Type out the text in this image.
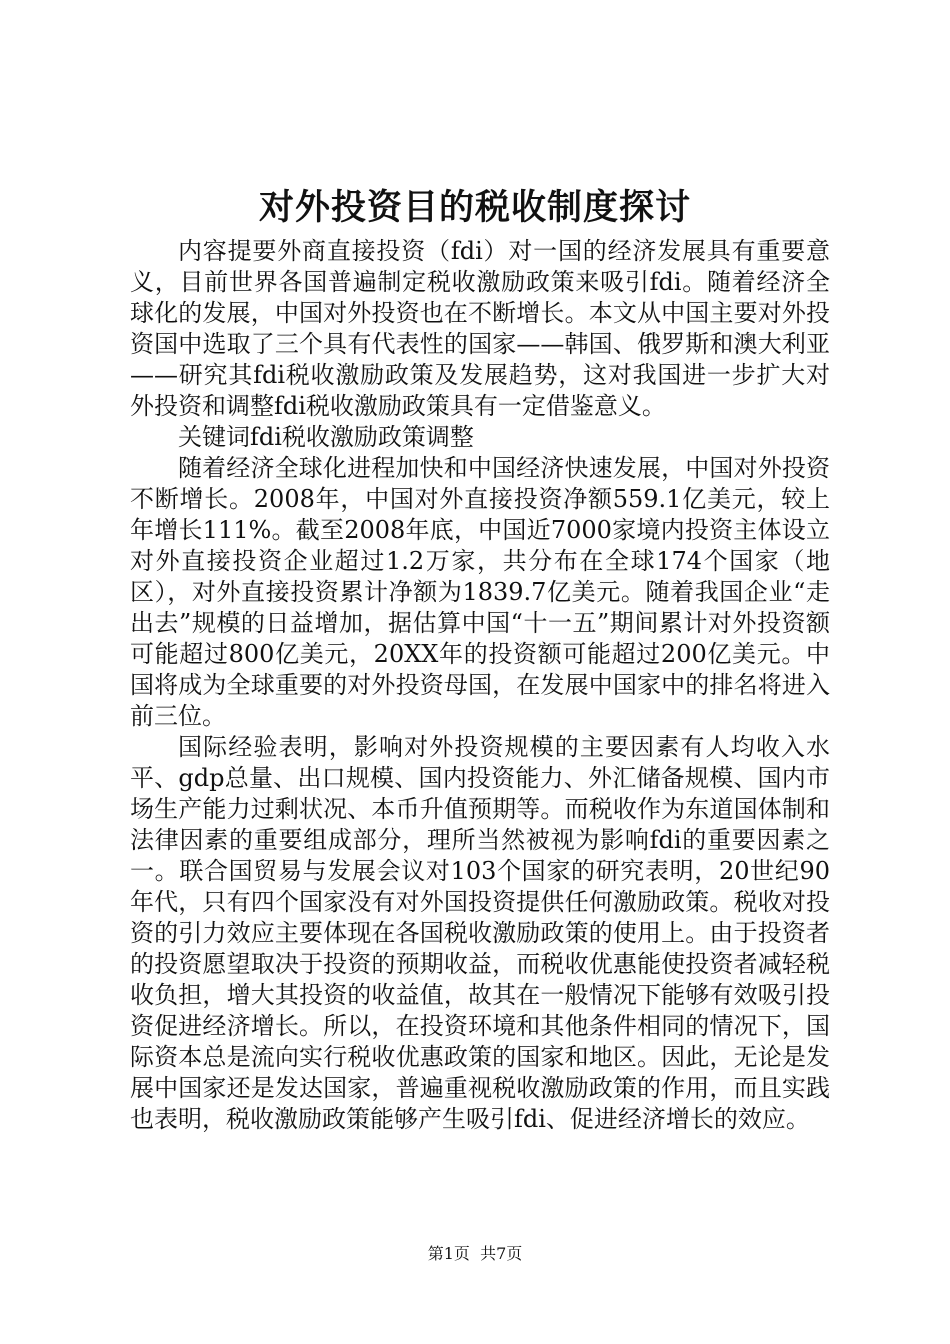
对外投资目的税收制度探讨

内容提要外商直接投资（fdi）对一国的经济发展具有重要意义，目前世界各国普遍制定税收激励政策来吸引fdi。随着经济全球化的发展，中国对外投资也在不断增长。本文从中国主要对外投资国中选取了三个具有代表性的国家——韩国、俄罗斯和澳大利亚——研究其fdi税收激励政策及发展趋势，这对我国进一步扩大对外投资和调整fdi税收激励政策具有一定借鉴意义。

关键词fdi税收激励政策调整

随着经济全球化进程加快和中国经济快速发展，中国对外投资不断增长。2008年，中国对外直接投资净额559.1亿美元，较上年增长111%。截至2008年底，中国近7000家境内投资主体设立对外直接投资企业超过1.2万家，共分布在全球174个国家（地区），对外直接投资累计净额为1839.7亿美元。随着我国企业“走出去”规模的日益增加，据估算中国“十一五”期间累计对外投资额可能超过800亿美元，20XX年的投资额可能超过200亿美元。中国将成为全球重要的对外投资母国，在发展中国家中的排名将进入前三位。

国际经验表明，影响对外投资规模的主要因素有人均收入水平、gdp总量、出口规模、国内投资能力、外汇储备规模、国内市场生产能力过剩状况、本币升值预期等。而税收作为东道国体制和法律因素的重要组成部分，理所当然被视为影响fdi的重要因素之一。联合国贸易与发展会议对103个国家的研究表明，20世纪90年代，只有四个国家没有对外国投资提供任何激励政策。税收对投资的引力效应主要体现在各国税收激励政策的使用上。由于投资者的投资愿望取决于投资的预期收益，而税收优惠能使投资者减轻税收负担，增大其投资的收益值，故其在一般情况下能够有效吸引投资促进经济增长。所以，在投资环境和其他条件相同的情况下，国际资本总是流向实行税收优惠政策的国家和地区。因此，无论是发展中国家还是发达国家，普遍重视税收激励政策的作用，而且实践也表明，税收激励政策能够产生吸引fdi、促进经济增长的效应。

第1页 共7页
